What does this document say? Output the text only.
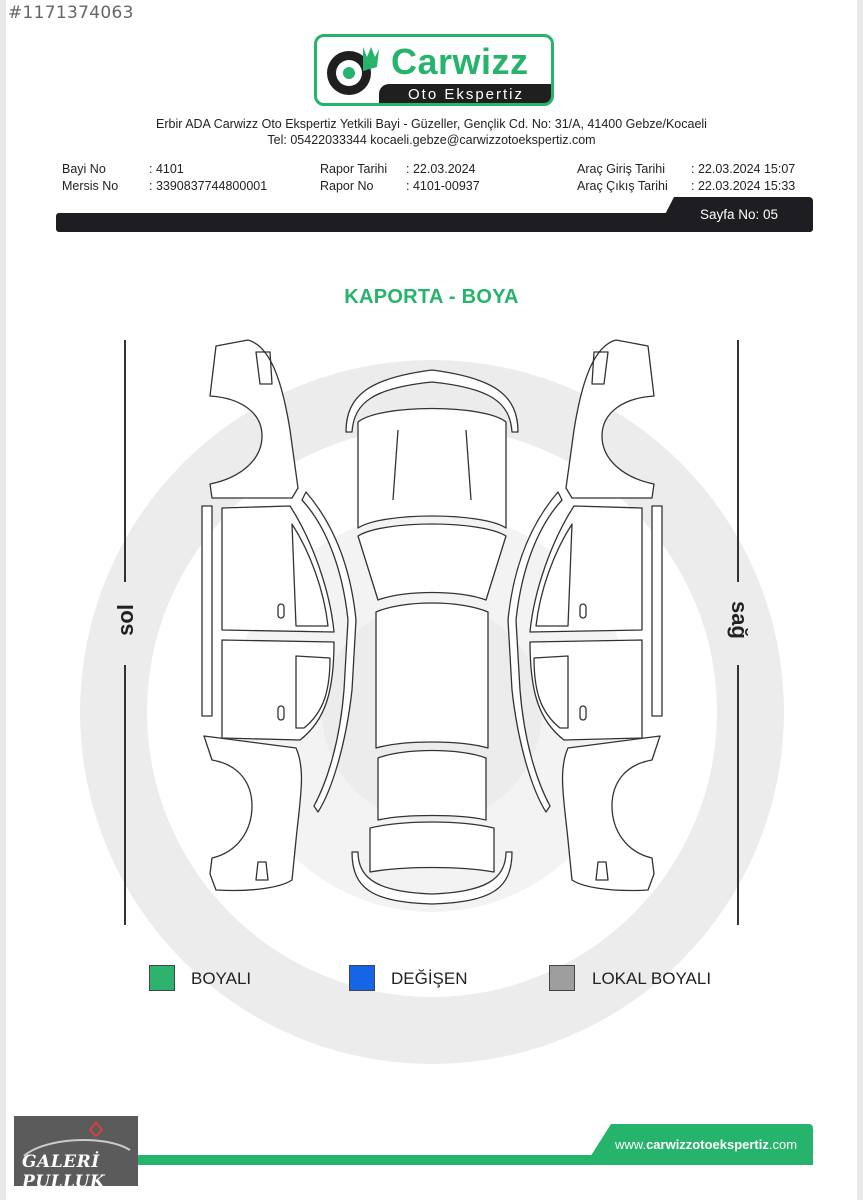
#1171374063
Carwizz
Oto Ekspertiz
Erbir ADA Carwizz Oto Ekspertiz Yetkili Bayi - Güzeller, Gençlik Cd. No: 31/A, 41400 Gebze/Kocaeli
Tel: 05422033344 kocaeli.gebze@carwizzotoekspertiz.com
Bayi No	: 4101
Mersis No : 3390837744800001
Rapor Tarihi : 22.03.2024
Rapor No	: 4101-00937
Araç Giriş Tarihi : 22.03.2024 15:07
Araç Çıkış Tarihi : 22.03.2024 15:33
Sayfa No: 05
KAPORTA - BOYA
sol	sağ
BOYALI	DEĞİŞEN	LOKAL BOYALI
www.carwizzotoekspertiz.com
GALERİ PULLUK
